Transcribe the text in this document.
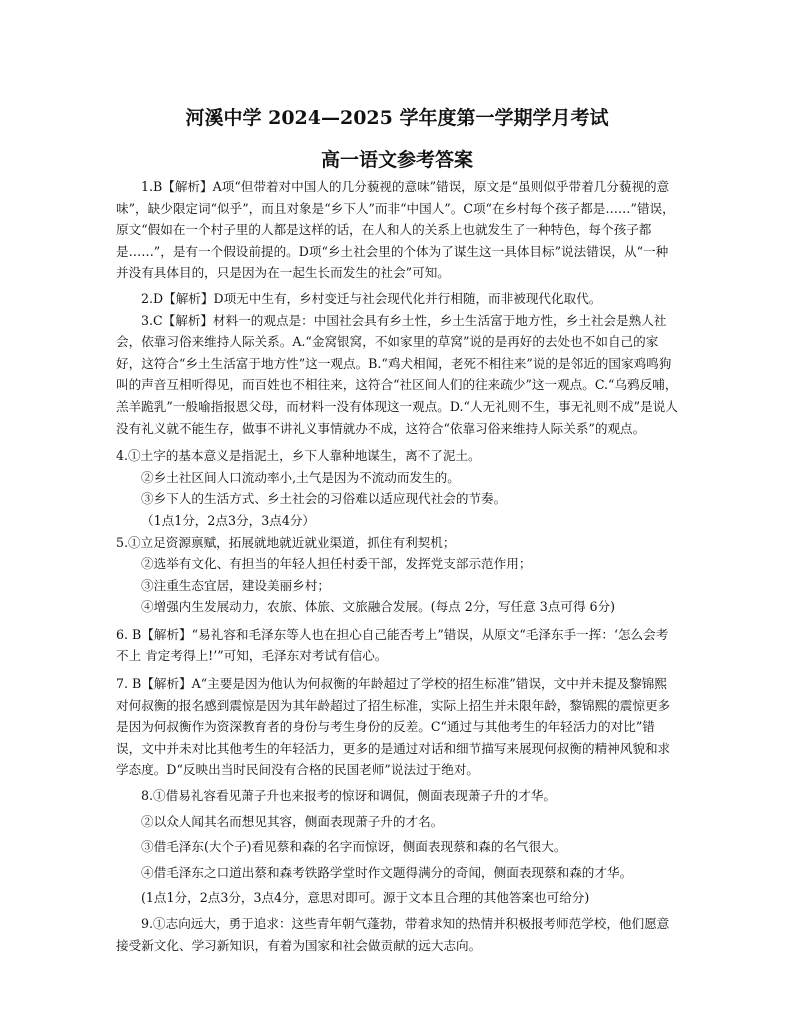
河溪中学 2024—2025 学年度第一学期学月考试
高一语文参考答案

1.B【解析】A项“但带着对中国人的几分藐视的意味”错误，原文是“虽则似乎带着几分藐视的意味”，缺少限定词“似乎”，而且对象是“乡下人”而非“中国人”。C项“在乡村每个孩子都是……”错误，原文“假如在一个村子里的人都是这样的话，在人和人的关系上也就发生了一种特色，每个孩子都是……”，是有一个假设前提的。D项“乡土社会里的个体为了谋生这一具体目标”说法错误，从“一种并没有具体目的，只是因为在一起生长而发生的社会”可知。

2.D【解析】D项无中生有，乡村变迁与社会现代化并行相随，而非被现代化取代。

3.C【解析】材料一的观点是：中国社会具有乡土性，乡土生活富于地方性，乡土社会是熟人社会，依靠习俗来维持人际关系。A.“金窝银窝，不如家里的草窝”说的是再好的去处也不如自己的家好，这符合“乡土生活富于地方性”这一观点。B.“鸡犬相闻，老死不相往来”说的是邻近的国家鸡鸣狗叫的声音互相听得见，而百姓也不相往来，这符合“社区间人们的往来疏少”这一观点。C.“乌鸦反哺，羔羊跪乳”一般喻指报恩父母，而材料一没有体现这一观点。D.“人无礼则不生，事无礼则不成”是说人没有礼义就不能生存，做事不讲礼义事情就办不成，这符合“依靠习俗来维持人际关系”的观点。

4.①土字的基本意义是指泥土，乡下人靠种地谋生，离不了泥土。

②乡土社区间人口流动率小,土气是因为不流动而发生的。

③乡下人的生活方式、乡土社会的习俗难以适应现代社会的节奏。

（1点1分，2点3分，3点4分）

5.①立足资源禀赋，拓展就地就近就业渠道，抓住有利契机；

②选举有文化、有担当的年轻人担任村委干部，发挥党支部示范作用；

③注重生态宜居，建设美丽乡村；

④增强内生发展动力，农旅、体旅、文旅融合发展。(每点 2分，写任意 3点可得 6分)

6. B【解析】“易礼容和毛泽东等人也在担心自己能否考上”错误，从原文“毛泽东手一挥：‘怎么会考不上 肯定考得上!’”可知，毛泽东对考试有信心。

7. B【解析】A“主要是因为他认为何叔衡的年龄超过了学校的招生标准”错误，文中并未提及黎锦熙对何叔衡的报名感到震惊是因为其年龄超过了招生标准，实际上招生并未限年龄，黎锦熙的震惊更多是因为何叔衡作为资深教育者的身份与考生身份的反差。C“通过与其他考生的年轻活力的对比”错误，文中并未对比其他考生的年轻活力，更多的是通过对话和细节描写来展现何叔衡的精神风貌和求学态度。D“反映出当时民间没有合格的民国老师”说法过于绝对。

8.①借易礼容看见萧子升也来报考的惊讶和调侃，侧面表现萧子升的才华。

②以众人闻其名而想见其容，侧面表现萧子升的才名。

③借毛泽东(大个子)看见蔡和森的名字而惊讶，侧面表现蔡和森的名气很大。

④借毛泽东之口道出蔡和森考铁路学堂时作文题得满分的奇闻，侧面表现蔡和森的才华。

(1点1分，2点3分，3点4分，意思对即可。源于文本且合理的其他答案也可给分)

9.①志向远大，勇于追求：这些青年朝气蓬勃，带着求知的热情并积极报考师范学校，他们愿意接受新文化、学习新知识，有着为国家和社会做贡献的远大志向。
